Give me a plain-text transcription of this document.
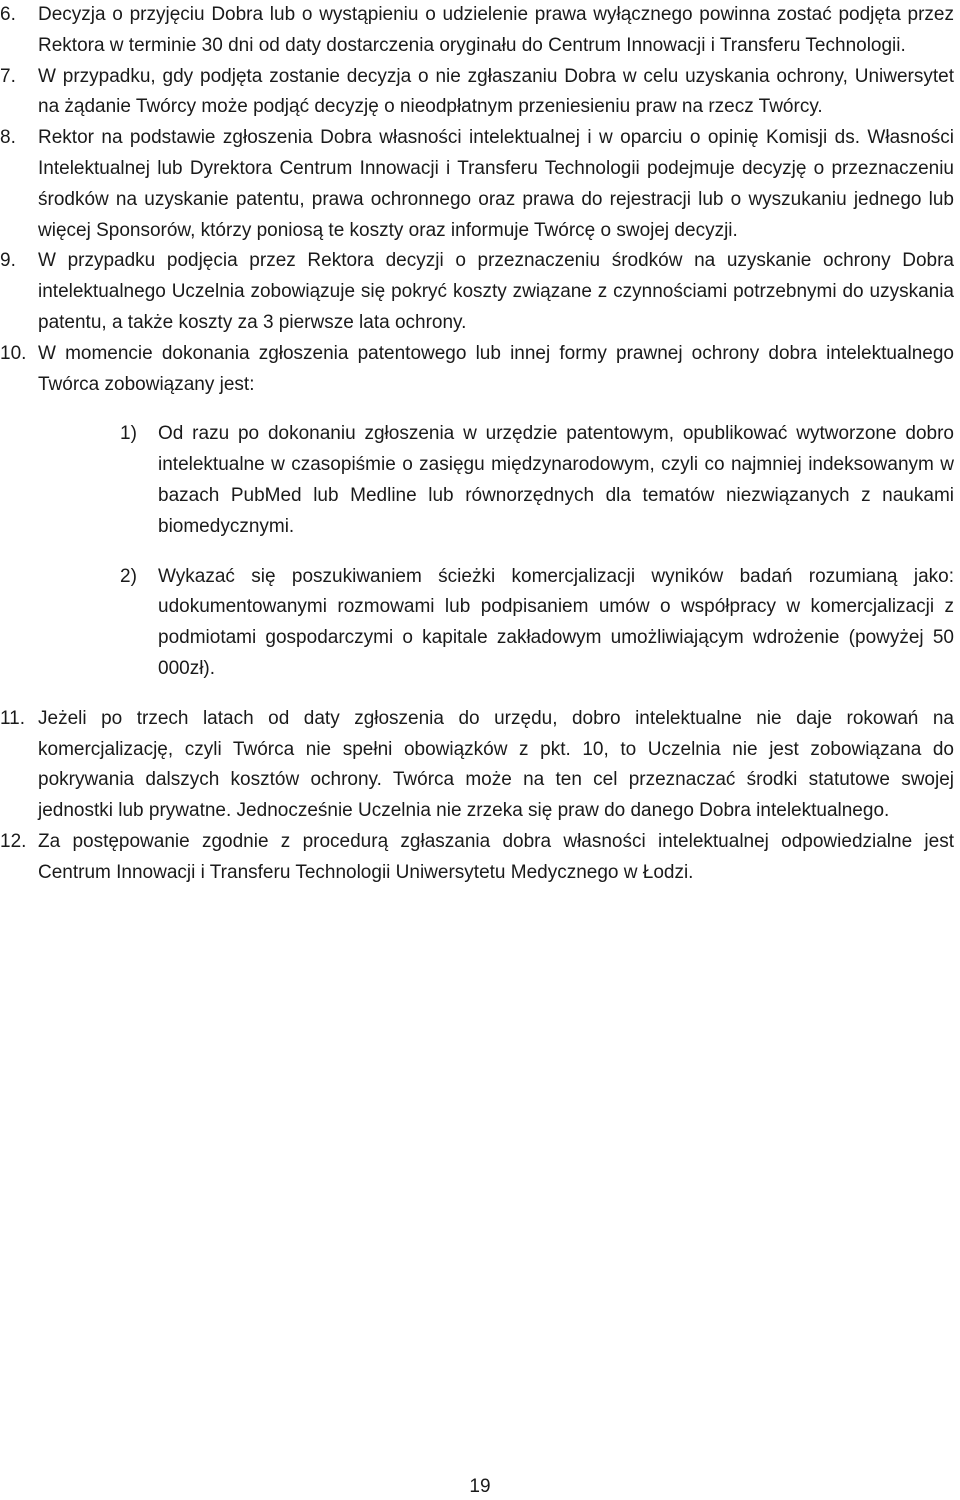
6. Decyzja o przyjęciu Dobra lub o wystąpieniu o udzielenie prawa wyłącznego powinna zostać podjęta przez Rektora w terminie 30 dni od daty dostarczenia oryginału do Centrum Innowacji i Transferu Technologii.

7. W przypadku, gdy podjęta zostanie decyzja o nie zgłaszaniu Dobra w celu uzyskania ochrony, Uniwersytet na żądanie Twórcy może podjąć decyzję o nieodpłatnym przeniesieniu praw na rzecz Twórcy.

8. Rektor na podstawie zgłoszenia Dobra własności intelektualnej i w oparciu o opinię Komisji ds. Własności Intelektualnej lub Dyrektora Centrum Innowacji i Transferu Technologii podejmuje decyzję o przeznaczeniu środków na uzyskanie patentu, prawa ochronnego oraz prawa do rejestracji lub o wyszukaniu jednego lub więcej Sponsorów, którzy poniosą te koszty oraz informuje Twórcę o swojej decyzji.

9. W przypadku podjęcia przez Rektora decyzji o przeznaczeniu środków na uzyskanie ochrony Dobra intelektualnego Uczelnia zobowiązuje się pokryć koszty związane z czynnościami potrzebnymi do uzyskania patentu, a także koszty za 3 pierwsze lata ochrony.

10. W momencie dokonania zgłoszenia patentowego lub innej formy prawnej ochrony dobra intelektualnego Twórca zobowiązany jest:

1) Od razu po dokonaniu zgłoszenia w urzędzie patentowym, opublikować wytworzone dobro intelektualne w czasopiśmie o zasięgu międzynarodowym, czyli co najmniej indeksowanym w bazach PubMed lub Medline lub równorzędnych dla tematów niezwiązanych z naukami biomedycznymi.

2) Wykazać się poszukiwaniem ścieżki komercjalizacji wyników badań rozumianą jako: udokumentowanymi rozmowami lub podpisaniem umów o współpracy w komercjalizacji z podmiotami gospodarczymi o kapitale zakładowym umożliwiającym wdrożenie (powyżej 50 000zł).

11. Jeżeli po trzech latach od daty zgłoszenia do urzędu, dobro intelektualne nie daje rokowań na komercjalizację, czyli Twórca nie spełni obowiązków z pkt. 10, to Uczelnia nie jest zobowiązana do pokrywania dalszych kosztów ochrony. Twórca może na ten cel przeznaczać środki statutowe swojej jednostki lub prywatne. Jednocześnie Uczelnia nie zrzeka się praw do danego Dobra intelektualnego.

12. Za postępowanie zgodnie z procedurą zgłaszania dobra własności intelektualnej odpowiedzialne jest Centrum Innowacji i Transferu Technologii Uniwersytetu Medycznego w Łodzi.

19
